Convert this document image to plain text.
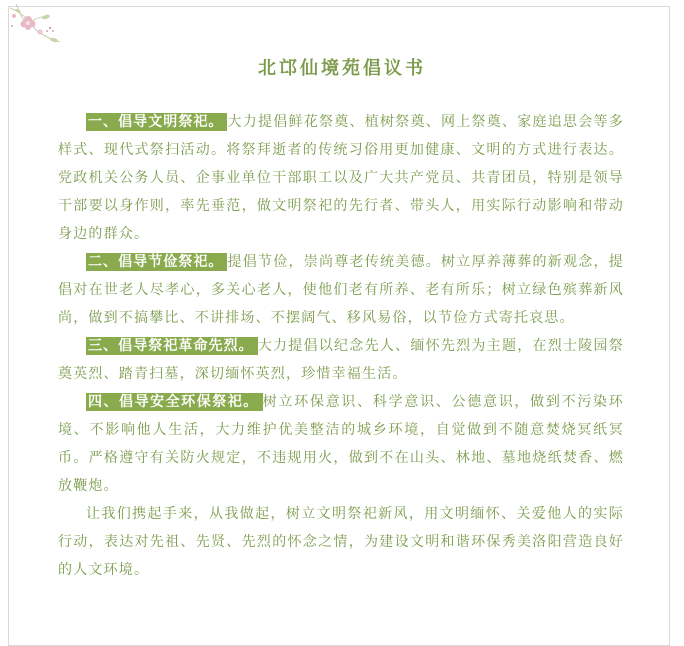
北邙仙境苑倡议书

一、倡导文明祭祀。 大力提倡鲜花祭奠、植树祭奠、网上祭奠、家庭追思会等多样式、现代式祭扫活动。将祭拜逝者的传统习俗用更加健康、文明的方式进行表达。党政机关公务人员、企事业单位干部职工以及广大共产党员、共青团员，特别是领导干部要以身作则，率先垂范，做文明祭祀的先行者、带头人，用实际行动影响和带动身边的群众。

二、倡导节俭祭祀。 提倡节俭，崇尚尊老传统美德。树立厚养薄葬的新观念，提倡对在世老人尽孝心，多关心老人，使他们老有所养、老有所乐；树立绿色殡葬新风尚，做到不搞攀比、不讲排场、不摆阔气、移风易俗，以节俭方式寄托哀思。

三、倡导祭祀革命先烈。 大力提倡以纪念先人、缅怀先烈为主题，在烈士陵园祭奠英烈、踏青扫墓，深切缅怀英烈，珍惜幸福生活。

四、倡导安全环保祭祀。 树立环保意识、科学意识、公德意识，做到不污染环境、不影响他人生活，大力维护优美整洁的城乡环境，自觉做到不随意焚烧冥纸冥币。严格遵守有关防火规定，不违规用火，做到不在山头、林地、墓地烧纸焚香、燃放鞭炮。

让我们携起手来，从我做起，树立文明祭祀新风，用文明缅怀、关爱他人的实际行动，表达对先祖、先贤、先烈的怀念之情，为建设文明和谐环保秀美洛阳营造良好的人文环境。
